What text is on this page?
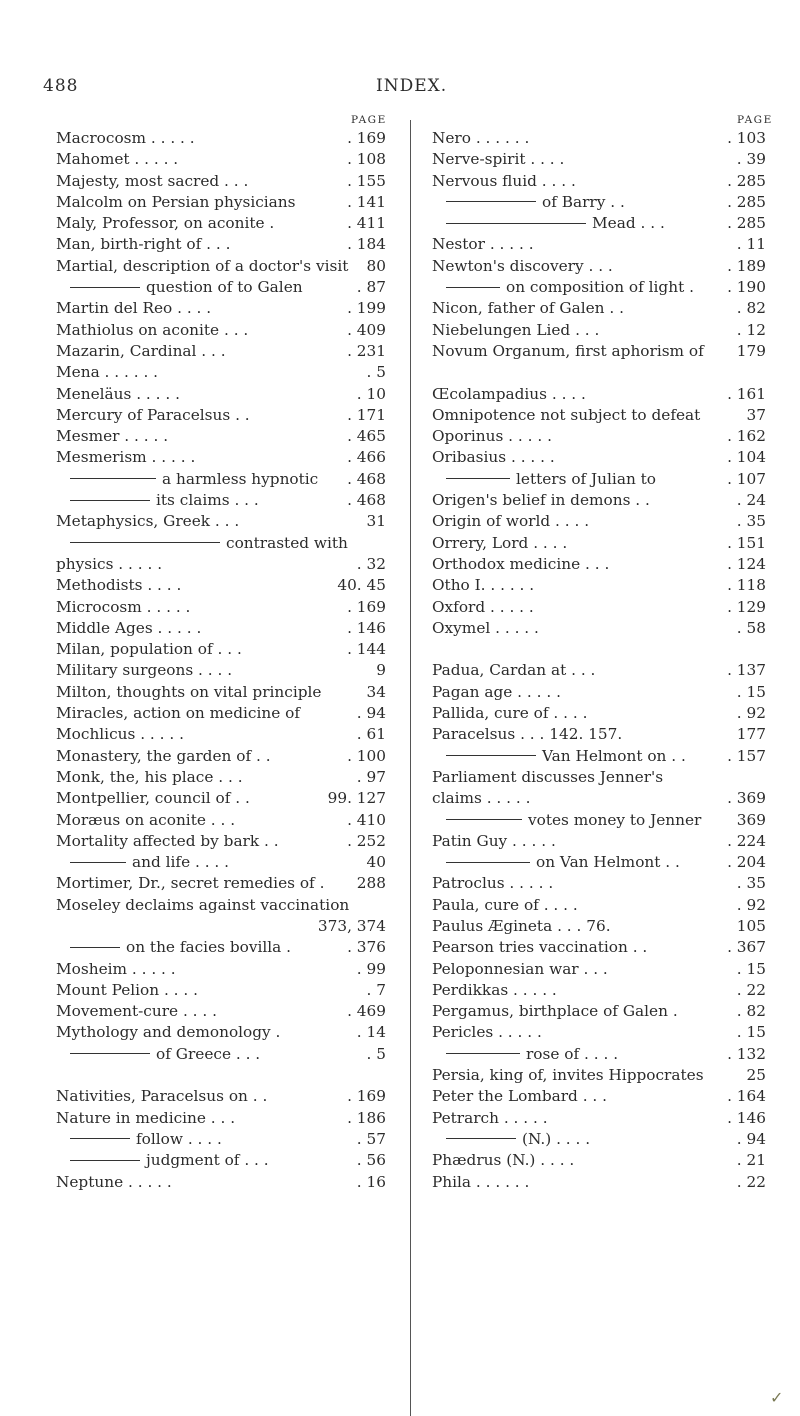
488	INDEX.
PAGE	PAGE
Macrocosm . . . . .	. 169
Mahomet . . . . .	. 108
Majesty, most sacred . . .	. 155
Malcolm on Persian physicians	. 141
Maly, Professor, on aconite .	. 411
Man, birth-right of . . .	. 184
Martial, description of a doctor's visit 80
question of to Galen	. 87
Martin del Reo . . . .	. 199
Mathiolus on aconite . . .	. 409
Mazarin, Cardinal . . .	. 231
Mena . . . . . .	. 5
Meneläus . . . . .	. 10
Mercury of Paracelsus . .	. 171
Mesmer . . . . .	. 465
Mesmerism . . . . .	. 466
a harmless hypnotic	. 468
its claims . . .	. 468
Metaphysics, Greek . . .	31
contrasted with
physics . . . . .	. 32
Methodists . . . .	40. 45
Microcosm . . . . .	. 169
Middle Ages . . . . .	. 146
Milan, population of . . .	. 144
Military surgeons . . . .	9
Milton, thoughts on vital principle	34
Miracles, action on medicine of	. 94
Mochlicus . . . . .	. 61
Monastery, the garden of . .	. 100
Monk, the, his place . . .	. 97
Montpellier, council of . .	99. 127
Moræus on aconite . . .	. 410
Mortality affected by bark . .	. 252
and life . . . .	40
Mortimer, Dr., secret remedies of .	288
Moseley declaims against vaccination
373, 374
on the facies bovilla .	. 376
Mosheim . . . . .	. 99
Mount Pelion . . . .	. 7
Movement-cure . . . .	. 469
Mythology and demonology .	. 14
of Greece . . .	. 5
Nativities, Paracelsus on . .	. 169
Nature in medicine . . .	. 186
follow . . . .	. 57
judgment of . . .	. 56
Neptune . . . . .	. 16
Nero . . . . . .	. 103
Nerve-spirit . . . .	. 39
Nervous fluid . . . .	. 285
of Barry . .	. 285
Mead . . .	. 285
Nestor . . . . .	. 11
Newton's discovery . . .	. 189
on composition of light .	. 190
Nicon, father of Galen . .	. 82
Niebelungen Lied . . .	. 12
Novum Organum, first aphorism of	179
Œcolampadius . . . .	. 161
Omnipotence not subject to defeat	37
Oporinus . . . . .	. 162
Oribasius . . . . .	. 104
letters of Julian to	. 107
Origen's belief in demons . .	. 24
Origin of world . . . .	. 35
Orrery, Lord . . . .	. 151
Orthodox medicine . . .	. 124
Otho I. . . . . .	. 118
Oxford . . . . .	. 129
Oxymel . . . . .	. 58
Padua, Cardan at . . .	. 137
Pagan age . . . . .	. 15
Pallida, cure of . . . .	. 92
Paracelsus . . . 142. 157.	177
Van Helmont on . .	. 157
Parliament discusses Jenner's
claims . . . . .	. 369
votes money to Jenner	369
Patin Guy . . . . .	. 224
on Van Helmont . .	. 204
Patroclus . . . . .	. 35
Paula, cure of . . . .	. 92
Paulus Ægineta . . . 76.	105
Pearson tries vaccination . .	. 367
Peloponnesian war . . .	. 15
Perdikkas . . . . .	. 22
Pergamus, birthplace of Galen .	. 82
Pericles . . . . .	. 15
rose of . . . .	. 132
Persia, king of, invites Hippocrates	25
Peter the Lombard . . .	. 164
Petrarch . . . . .	. 146
(N.) . . . .	. 94
Phædrus (N.) . . . .	. 21
Phila . . . . . .	. 22
✓
